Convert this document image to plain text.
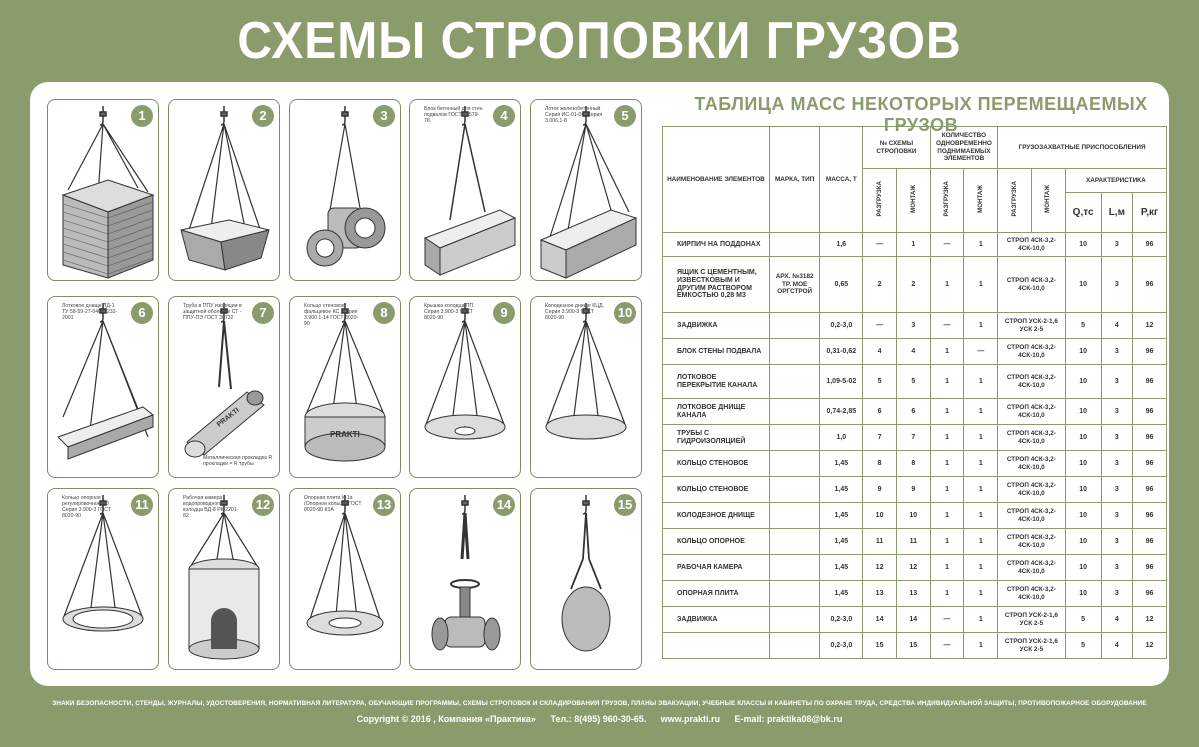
СХЕМЫ СТРОПОВКИ ГРУЗОВ
1	2	3	4
Блок бетонный для стен подвалов ГОСТ 13579-78.	5
Лоток железобетонный Серия ИС-01-04, Серия 3.006.1-8
6
Лотковое днище ЛД-1 ТУ 58-59-27-04001232-2001
PRAKTI
7
Труба в ППУ изоляции в защитной оболочке СТ - ППУ-ПЭ ГОСТ 30732
Металлическая прокладка R прокладки = R трубы
PRAKTI
8
Кольцо стеновое фальцевое КС. Серия 3.900.1-14 ГОСТ 8020-90
9
Крышка колодца ПП. Серия 3.900-3 ГОСТ 8020-90	10
Колодезное днище КЦД. Серия 3.900-3 ГОСТ 8020-90
11
Кольцо опорное регулировочное КО Серия 3.900-3 ГОСТ 8020-90
12
Рабочая камера водопроводного колодца ВД-8 РК 2201-82
13
Опорная плита К-1а (Опорное кольцо) ГОСТ 8020-90 К1А	14	15
ТАБЛИЦА МАСС НЕКОТОРЫХ ПЕРЕМЕЩАЕМЫХ ГРУЗОВ
НАИМЕНОВАНИЕ ЭЛЕМЕНТОВ	МАРКА, ТИП	МАССА, Т	№ СХЕМЫ СТРОПОВКИ		КОЛИЧЕСТВО ОДНОВРЕМЕННО ПОДНИМАЕМЫХ ЭЛЕМЕНТОВ		ГРУЗОЗАХВАТНЫЕ ПРИСПОСОБЛЕНИЯ				
			РАЗГРУЗКА	МОНТАЖ	РАЗГРУЗКА	МОНТАЖ	РАЗГРУЗКА	МОНТАЖ	ХАРАКТЕРИСТИКА		
									Q,тс	L,м	P,кг
КИРПИЧ НА ПОДДОНАХ		1,6	—	1	—	1	СТРОП 4СК-3,2-4СК-10,0		10	3	96
ЯЩИК С ЦЕМЕНТНЫМ, ИЗВЕСТКОВЫМ И ДРУГИМ РАСТВОРОМ ЕМКОСТЬЮ 0,28 М3	АРХ. №3182 ТР. МОЕ ОРГСТРОЙ	0,65	2	2	1	1	СТРОП 4СК-3,2-4СК-10,0		10	3	96
ЗАДВИЖКА		0,2-3,0	—	3	—	1	СТРОП УСК-2-1,6 УСК 2-5		5	4	12
БЛОК СТЕНЫ ПОДВАЛА		0,31-0,62	4	4	1	—	СТРОП 4СК-3,2-4СК-10,0		10	3	96
ЛОТКОВОЕ ПЕРЕКРЫТИЕ КАНАЛА		1,09-5-02	5	5	1	1	СТРОП 4СК-3,2-4СК-10,0		10	3	96
ЛОТКОВОЕ ДНИЩЕ КАНАЛА		0,74-2,85	6	6	1	1	СТРОП 4СК-3,2-4СК-10,0		10	3	96
ТРУБЫ С ГИДРОИЗОЛЯЦИЕЙ		1,0	7	7	1	1	СТРОП 4СК-3,2-4СК-10,0		10	3	96
КОЛЬЦО СТЕНОВОЕ		1,45	8	8	1	1	СТРОП 4СК-3,2-4СК-10,0		10	3	96
КОЛЬЦО СТЕНОВОЕ		1,45	9	9	1	1	СТРОП 4СК-3,2-4СК-10,0		10	3	96
КОЛОДЕЗНОЕ ДНИЩЕ		1,45	10	10	1	1	СТРОП 4СК-3,2-4СК-10,0		10	3	96
КОЛЬЦО ОПОРНОЕ		1,45	11	11	1	1	СТРОП 4СК-3,2-4СК-10,0		10	3	96
РАБОЧАЯ КАМЕРА		1,45	12	12	1	1	СТРОП 4СК-3,2-4СК-10,0		10	3	96
ОПОРНАЯ ПЛИТА		1,45	13	13	1	1	СТРОП 4СК-3,2-4СК-10,0		10	3	96
ЗАДВИЖКА		0,2-3,0	14	14	—	1	СТРОП УСК-2-1,6 УСК 2-5		5	4	12
		0,2-3,0	15	15	—	1	СТРОП УСК-2-1,6 УСК 2-5		5	4	12
ЗНАКИ БЕЗОПАСНОСТИ, СТЕНДЫ, ЖУРНАЛЫ, УДОСТОВЕРЕНИЯ, НОРМАТИВНАЯ ЛИТЕРАТУРА, ОБУЧАЮЩИЕ ПРОГРАММЫ, СХЕМЫ СТРОПОВОК И СКЛАДИРОВАНИЯ ГРУЗОВ, ПЛАНЫ ЭВАКУАЦИИ, УЧЕБНЫЕ КЛАССЫ И КАБИНЕТЫ ПО ОХРАНЕ ТРУДА, СРЕДСТВА ИНДИВИДУАЛЬНОЙ ЗАЩИТЫ, ПРОТИВОПОЖАРНОЕ ОБОРУДОВАНИЕ
Copyright © 2016 , Компания «Практика» Тел.: 8(495) 960-30-65. www.prakti.ru E-mail: praktika08@bk.ru
